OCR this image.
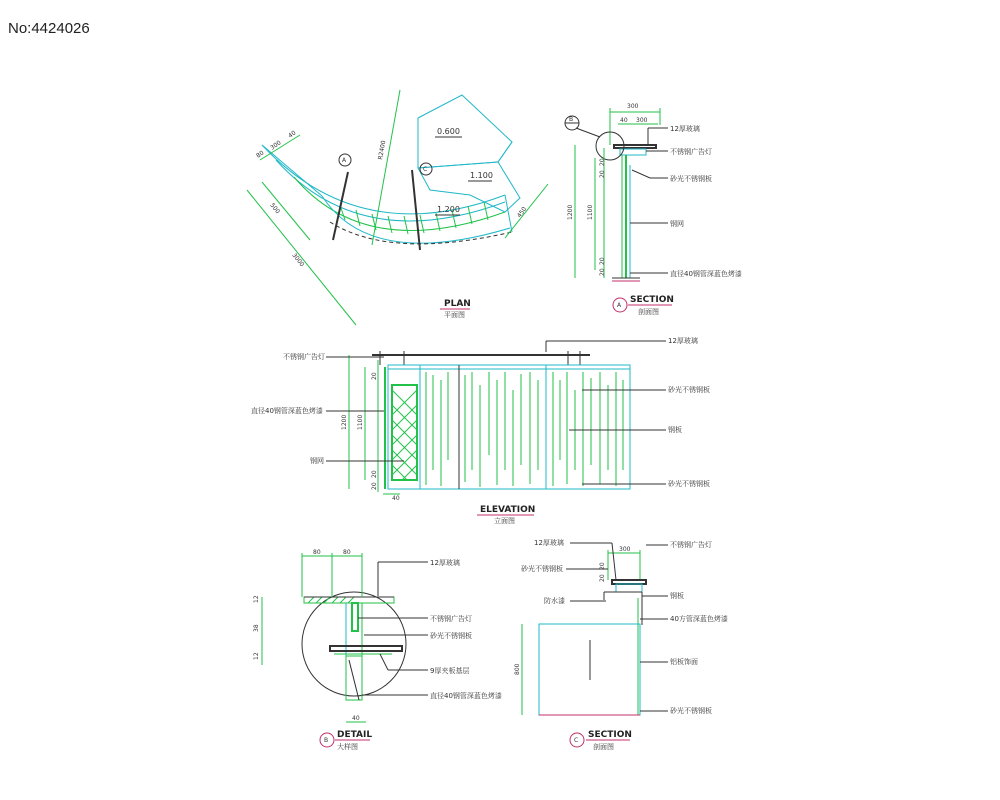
No:4424026
A
C
80
300
40
500
3000
R2400
450
0.600
1.100
1.200
PLAN
平面图
300
40 300
B
20
20
1200 1100
20
20
12厚玻璃
不锈钢广告灯
砂光不锈钢板
钢网
直径40钢管深蓝色烤漆
A
SECTION
剖面图
20
1200 1100
20
20
40
不锈钢广告灯
直径40钢管深蓝色烤漆
钢网
12厚玻璃
砂光不锈钢板
钢板
砂光不锈钢板
ELEVATION
立面图
80	80
12
38
12
40
12厚玻璃
不锈钢广告灯
砂光不锈钢板
9厚夹板基层
直径40钢管深蓝色烤漆
B
DETAIL
大样图
300
20
20
800
12厚玻璃
砂光不锈钢板
防水漆
不锈钢广告灯
钢板
40方管深蓝色烤漆
铝板饰面
砂光不锈钢板
C
SECTION
剖面图
